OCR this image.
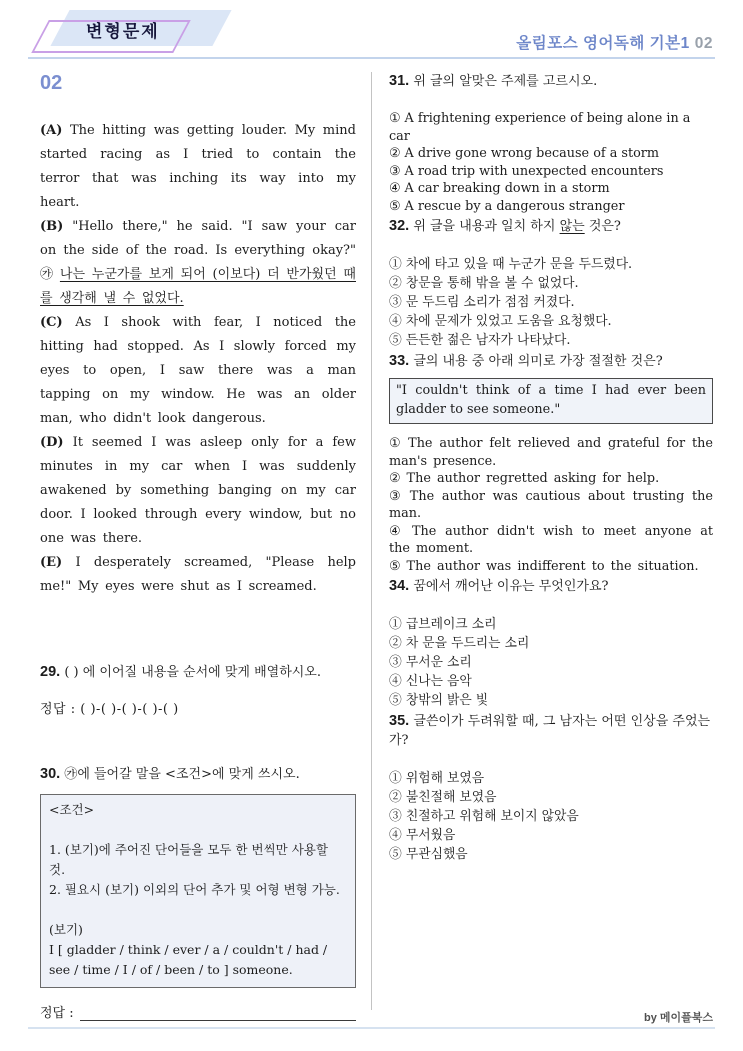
변형문제
올림포스 영어독해 기본1 02
02

(A) The hitting was getting louder. My mind started racing as I tried to contain the terror that was inching its way into my heart.

(B) "Hello there," he said. "I saw your car on the side of the road. Is everything okay?" ㉮ 나는 누군가를 보게 되어 (이보다) 더 반가웠던 때를 생각해 낼 수 없었다.

(C) As I shook with fear, I noticed the hitting had stopped. As I slowly forced my eyes to open, I saw there was a man tapping on my window. He was an older man, who didn't look dangerous.

(D) It seemed I was asleep only for a few minutes in my car when I was suddenly awakened by something banging on my car door. I looked through every window, but no one was there.

(E) I desperately screamed, "Please help me!" My eyes were shut as I screamed.

29. ( ) 에 이어질 내용을 순서에 맞게 배열하시오.

정답 : ( )-( )-( )-( )-( )

30. ㉮에 들어갈 말을 <조건>에 맞게 쓰시오.

<조건>
1. (보기)에 주어진 단어들을 모두 한 번씩만 사용할 것.
2. 필요시 (보기) 이외의 단어 추가 및 어형 변형 가능.
(보기)
I [ gladder / think / ever / a / couldn't / had / see / time / I / of / been / to ] someone.
정답 :

31. 위 글의 알맞은 주제를 고르시오.

① A frightening experience of being alone in a car

② A drive gone wrong because of a storm

③ A road trip with unexpected encounters

④ A car breaking down in a storm

⑤ A rescue by a dangerous stranger

32. 위 글을 내용과 일치 하지 않는 것은?

① 차에 타고 있을 때 누군가 문을 두드렸다.

② 창문을 통해 밖을 볼 수 없었다.

③ 문 두드림 소리가 점점 커졌다.

④ 차에 문제가 있었고 도움을 요청했다.

⑤ 든든한 젊은 남자가 나타났다.

33. 글의 내용 중 아래 의미로 가장 절절한 것은?

"I couldn't think of a time I had ever been gladder to see someone."

① The author felt relieved and grateful for the man's presence.

② The author regretted asking for help.

③ The author was cautious about trusting the man.

④ The author didn't wish to meet anyone at the moment.

⑤ The author was indifferent to the situation.

34. 꿈에서 깨어난 이유는 무엇인가요?

① 급브레이크 소리

② 차 문을 두드리는 소리

③ 무서운 소리

④ 신나는 음악

⑤ 창밖의 밝은 빛

35. 글쓴이가 두려워할 때, 그 남자는 어떤 인상을 주었는가?

① 위험해 보였음

② 불친절해 보였음

③ 친절하고 위험해 보이지 않았음

④ 무서웠음

⑤ 무관심했음

by 메이플북스
